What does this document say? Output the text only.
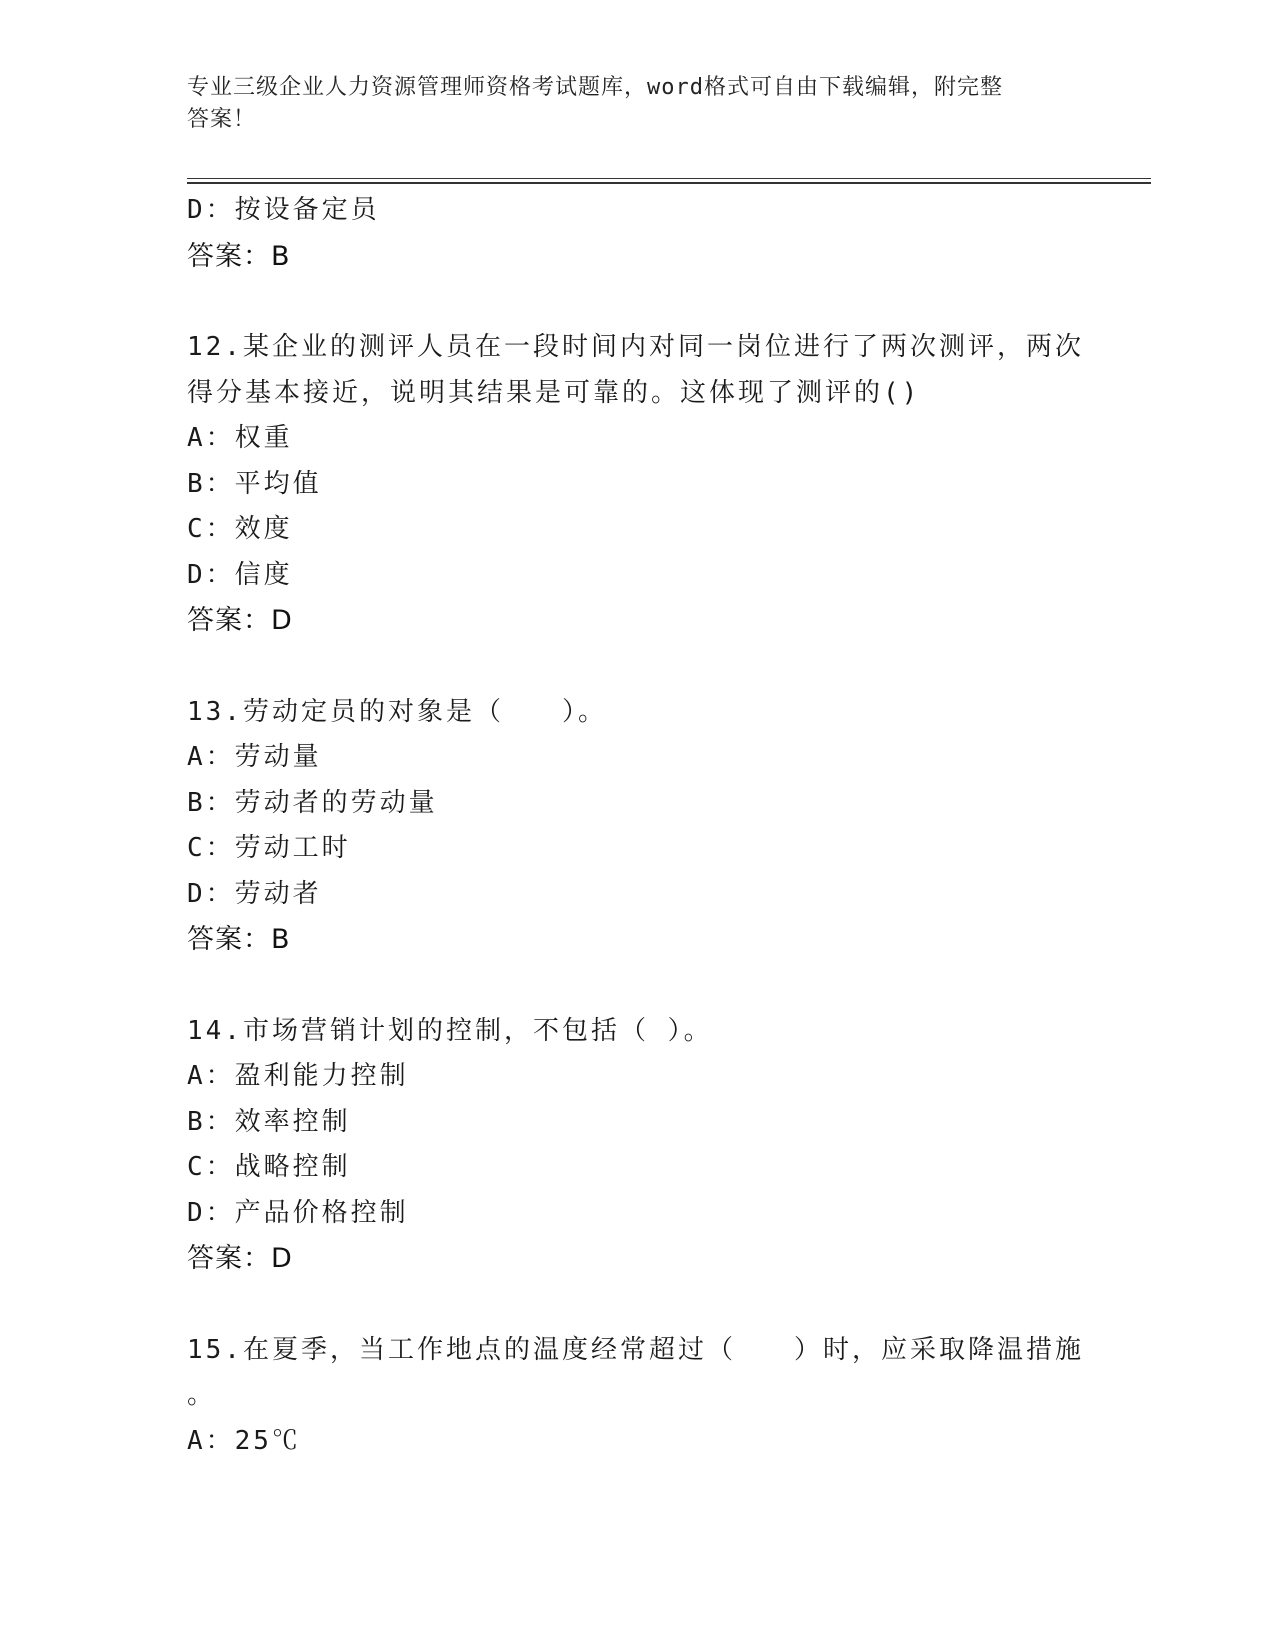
专业三级企业人力资源管理师资格考试题库，word格式可自由下载编辑，附完整
答案！
D：按设备定员
答案：B
12.某企业的测评人员在一段时间内对同一岗位进行了两次测评，两次
得分基本接近，说明其结果是可靠的。这体现了测评的()
A：权重
B：平均值
C：效度
D：信度
答案：D
13.劳动定员的对象是（　　）。
A：劳动量
B：劳动者的劳动量
C：劳动工时
D：劳动者
答案：B
14.市场营销计划的控制，不包括（ ）。
A：盈利能力控制
B：效率控制
C：战略控制
D：产品价格控制
答案：D
15.在夏季，当工作地点的温度经常超过（　　）时，应采取降温措施
。
A：25℃
